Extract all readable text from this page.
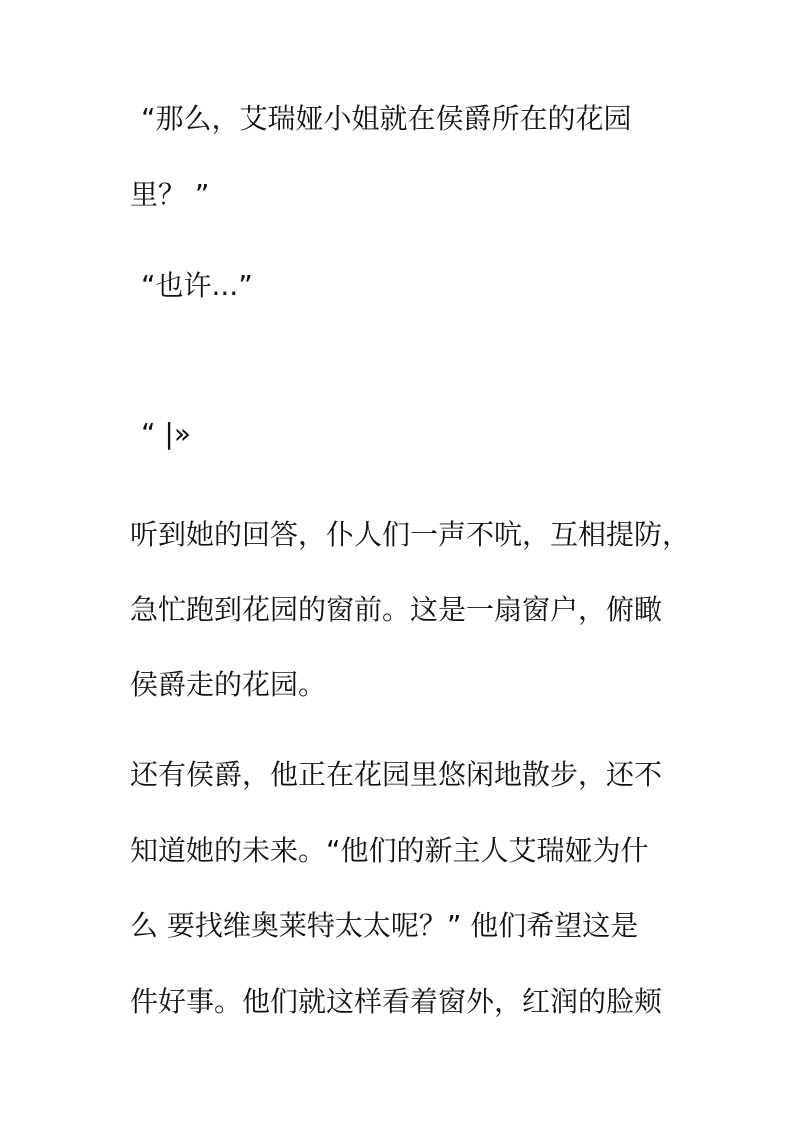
“那么，艾瑞娅小姐就在侯爵所在的花园
里？ ”
“也许...”
“ |»
听到她的回答，仆人们一声不吭，互相提防，
急忙跑到花园的窗前。这是一扇窗户，俯瞰
侯爵走的花园。
还有侯爵，他正在花园里悠闲地散步，还不
知道她的未来。“他们的新主人艾瑞娅为什
么 要找维奥莱特太太呢？” 他们希望这是
件好事。他们就这样看着窗外，红润的脸颊
